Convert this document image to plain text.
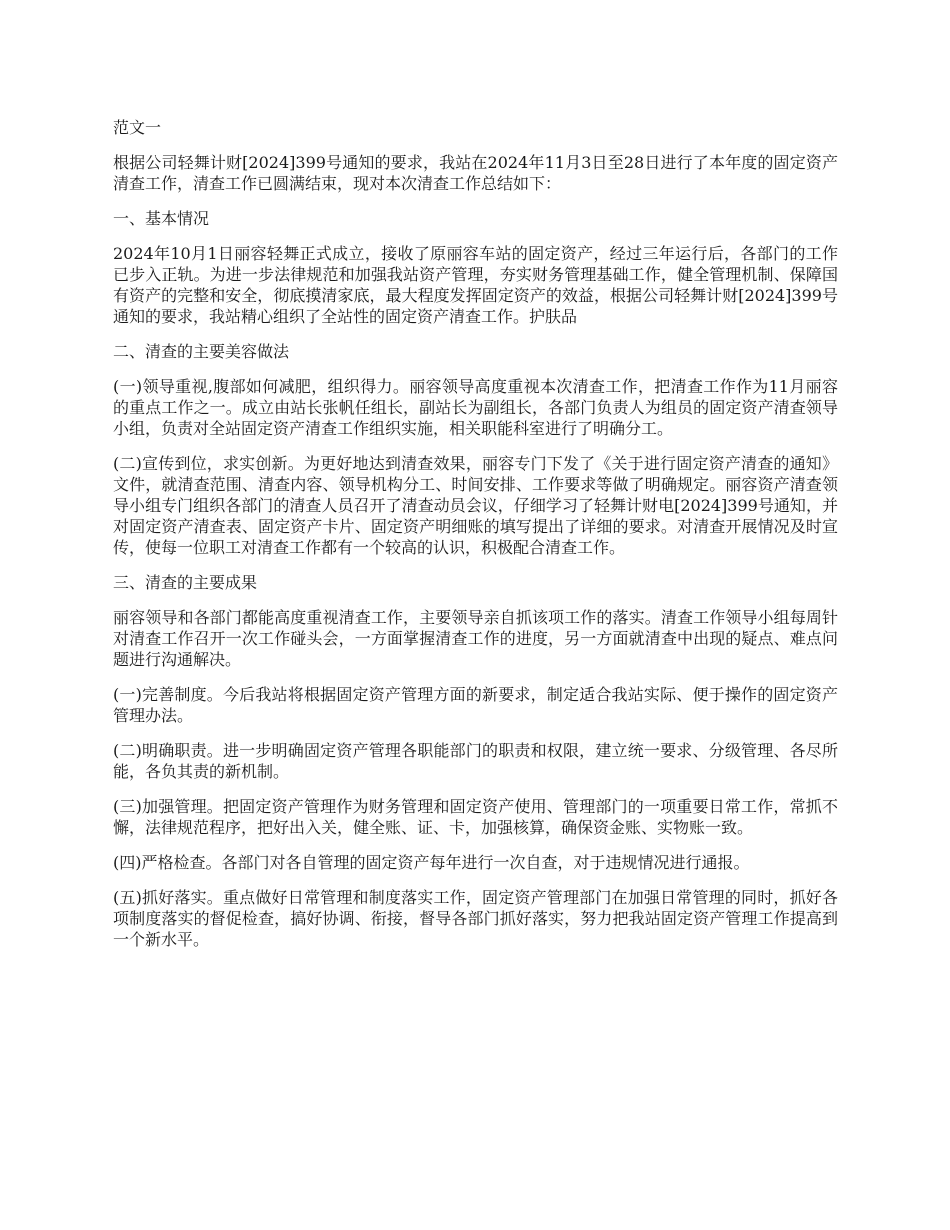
范文一

根据公司轻舞计财[2024]399号通知的要求，我站在2024年11月3日至28日进行了本年度的固定资产清查工作，清查工作已圆满结束，现对本次清查工作总结如下：

一、基本情况

2024年10月1日丽容轻舞正式成立，接收了原丽容车站的固定资产，经过三年运行后，各部门的工作已步入正轨。为进一步法律规范和加强我站资产管理，夯实财务管理基础工作，健全管理机制、保障国有资产的完整和安全，彻底摸清家底，最大程度发挥固定资产的效益，根据公司轻舞计财[2024]399号通知的要求，我站精心组织了全站性的固定资产清查工作。护肤品

二、清查的主要美容做法

(一)领导重视,腹部如何减肥，组织得力。丽容领导高度重视本次清查工作，把清查工作作为11月丽容的重点工作之一。成立由站长张帆任组长，副站长为副组长，各部门负责人为组员的固定资产清查领导小组，负责对全站固定资产清查工作组织实施，相关职能科室进行了明确分工。

(二)宣传到位，求实创新。为更好地达到清查效果，丽容专门下发了《关于进行固定资产清查的通知》文件，就清查范围、清查内容、领导机构分工、时间安排、工作要求等做了明确规定。丽容资产清查领导小组专门组织各部门的清查人员召开了清查动员会议，仔细学习了轻舞计财电[2024]399号通知，并对固定资产清查表、固定资产卡片、固定资产明细账的填写提出了详细的要求。对清查开展情况及时宣传，使每一位职工对清查工作都有一个较高的认识，积极配合清查工作。

三、清查的主要成果

丽容领导和各部门都能高度重视清查工作，主要领导亲自抓该项工作的落实。清查工作领导小组每周针对清查工作召开一次工作碰头会，一方面掌握清查工作的进度，另一方面就清查中出现的疑点、难点问题进行沟通解决。

(一)完善制度。今后我站将根据固定资产管理方面的新要求，制定适合我站实际、便于操作的固定资产管理办法。

(二)明确职责。进一步明确固定资产管理各职能部门的职责和权限，建立统一要求、分级管理、各尽所能，各负其责的新机制。

(三)加强管理。把固定资产管理作为财务管理和固定资产使用、管理部门的一项重要日常工作，常抓不懈，法律规范程序，把好出入关，健全账、证、卡，加强核算，确保资金账、实物账一致。

(四)严格检查。各部门对各自管理的固定资产每年进行一次自查，对于违规情况进行通报。

(五)抓好落实。重点做好日常管理和制度落实工作，固定资产管理部门在加强日常管理的同时，抓好各项制度落实的督促检查，搞好协调、衔接，督导各部门抓好落实，努力把我站固定资产管理工作提高到一个新水平。
